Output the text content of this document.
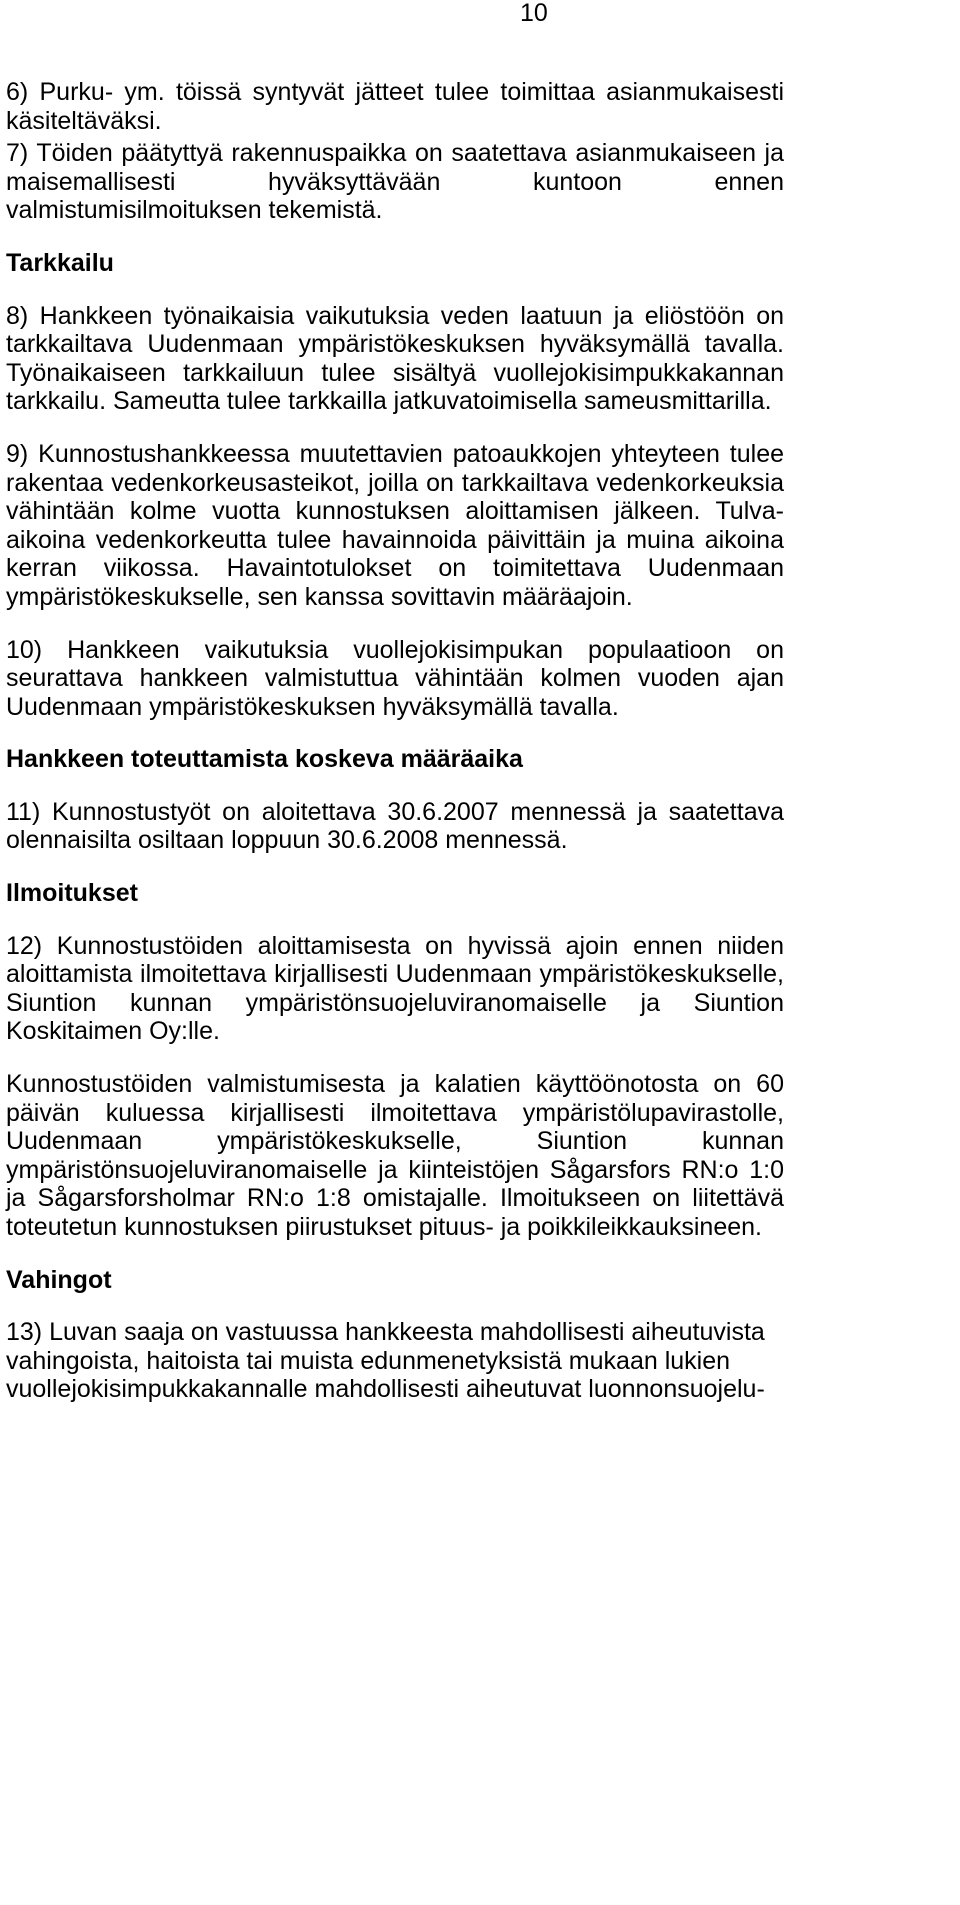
10

6) Purku- ym. töissä syntyvät jätteet tulee toimittaa asianmukaisesti käsiteltäväksi.

7) Töiden päätyttyä rakennuspaikka on saatettava asianmukaiseen ja maisemallisesti hyväksyttävään kuntoon ennen valmistumisilmoituksen tekemistä.

Tarkkailu

8) Hankkeen työnaikaisia vaikutuksia veden laatuun ja eliöstöön on tarkkailtava Uudenmaan ympäristökeskuksen hyväksymällä tavalla. Työnaikaiseen tarkkailuun tulee sisältyä vuollejokisimpukkakannan tarkkailu. Sameutta tulee tarkkailla jatkuvatoimisella sameusmittarilla.

9) Kunnostushankkeessa muutettavien patoaukkojen yhteyteen tulee rakentaa vedenkorkeusasteikot, joilla on tarkkailtava vedenkorkeuksia vähintään kolme vuotta kunnostuksen aloittamisen jälkeen. Tulva-aikoina vedenkorkeutta tulee havainnoida päivittäin ja muina aikoina kerran viikossa. Havaintotulokset on toimitettava Uudenmaan ympäristökeskukselle, sen kanssa sovittavin määräajoin.

10) Hankkeen vaikutuksia vuollejokisimpukan populaatioon on seurattava hankkeen valmistuttua vähintään kolmen vuoden ajan Uudenmaan ympäristökeskuksen hyväksymällä tavalla.

Hankkeen toteuttamista koskeva määräaika

11) Kunnostustyöt on aloitettava 30.6.2007 mennessä ja saatettava olennaisilta osiltaan loppuun 30.6.2008 mennessä.

Ilmoitukset

12) Kunnostustöiden aloittamisesta on hyvissä ajoin ennen niiden aloittamista ilmoitettava kirjallisesti Uudenmaan ympäristökeskukselle, Siuntion kunnan ympäristönsuojeluviranomaiselle ja Siuntion Koskitaimen Oy:lle.

Kunnostustöiden valmistumisesta ja kalatien käyttöönotosta on 60 päivän kuluessa kirjallisesti ilmoitettava ympäristölupavirastolle, Uudenmaan ympäristökeskukselle, Siuntion kunnan ympäristönsuojeluviranomaiselle ja kiinteistöjen Sågarsfors RN:o 1:0 ja Sågarsforsholmar RN:o 1:8 omistajalle. Ilmoitukseen on liitettävä toteutetun kunnostuksen piirustukset pituus- ja poikkileikkauksineen.

Vahingot

13) Luvan saaja on vastuussa hankkeesta mahdollisesti aiheutuvista vahingoista, haitoista tai muista edunmenetyksistä mukaan lukien vuollejokisimpukkakannalle mahdollisesti aiheutuvat luonnonsuojelu-
